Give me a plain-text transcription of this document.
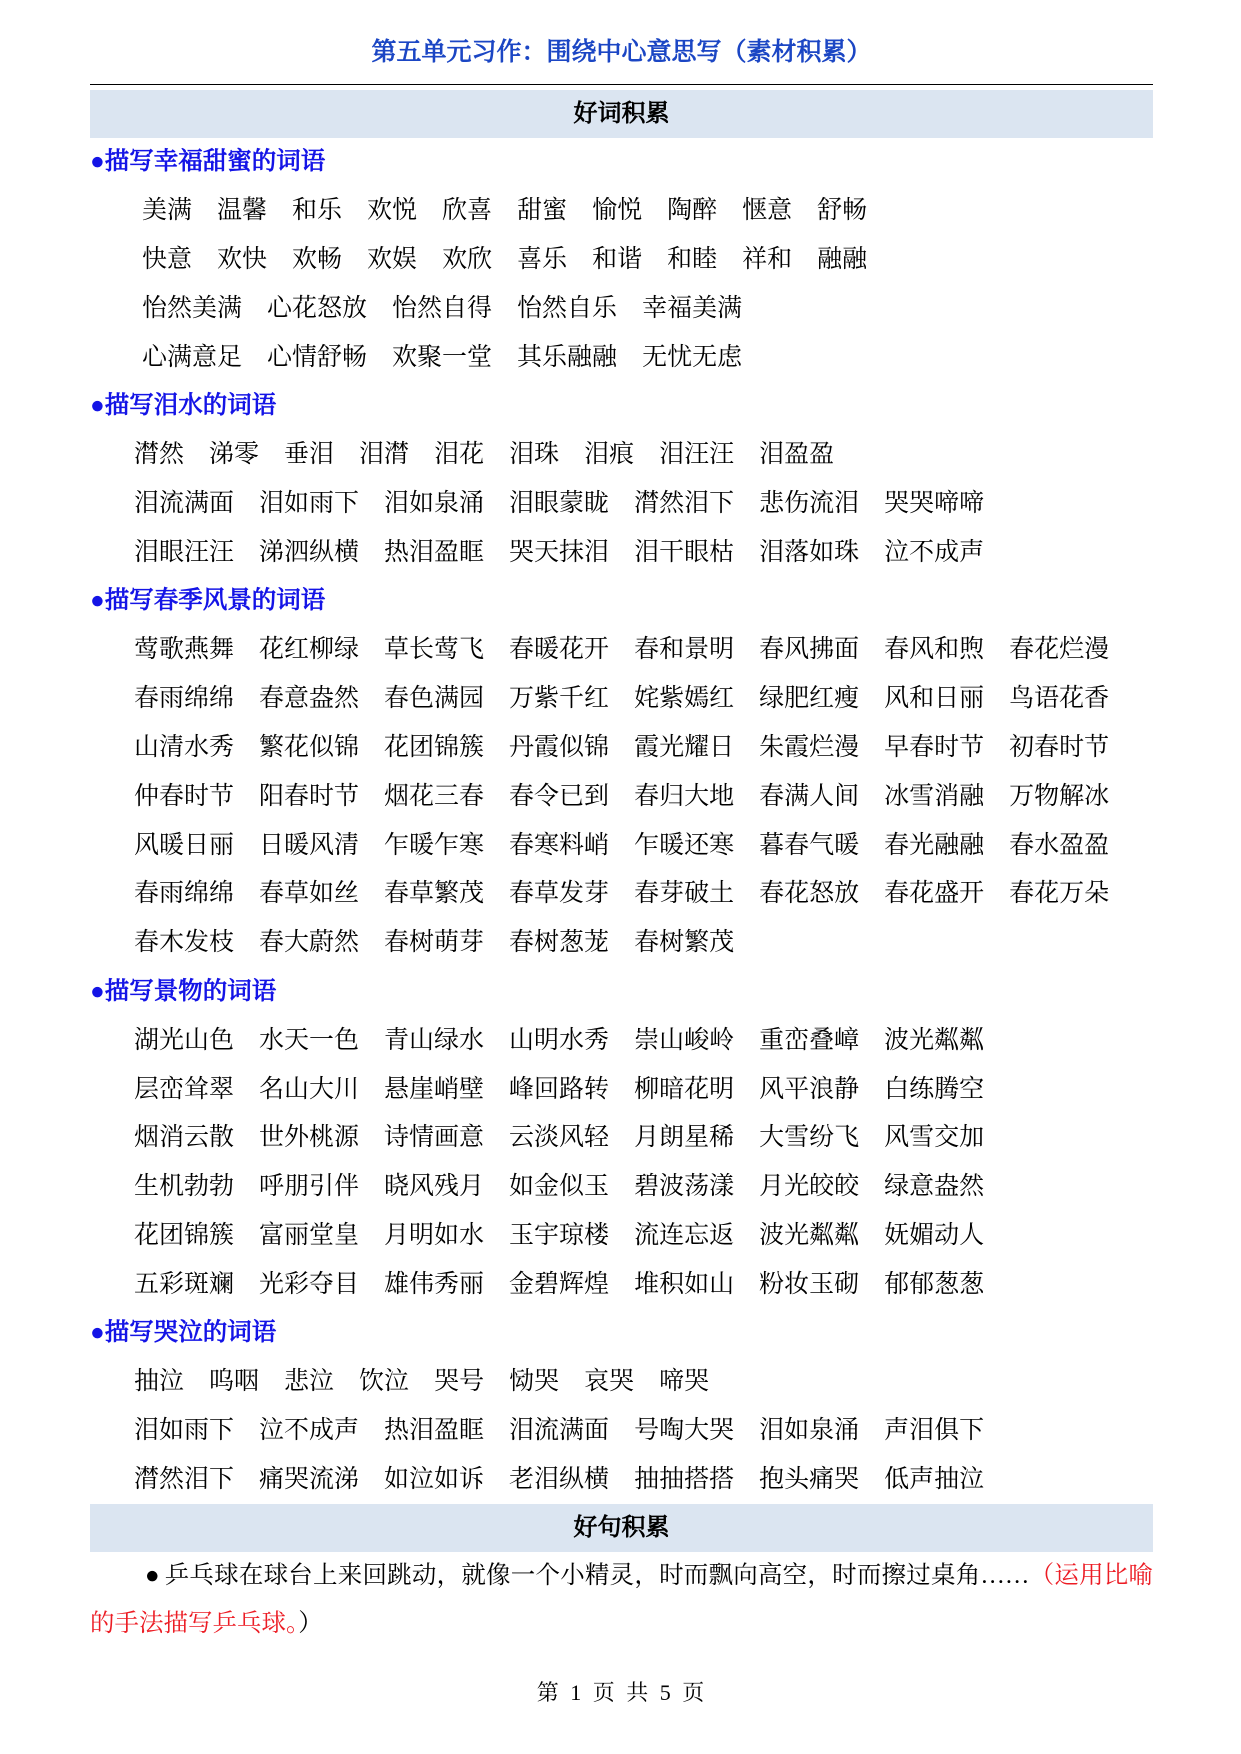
第五单元习作：围绕中心意思写（素材积累）
好词积累
●描写幸福甜蜜的词语
美满 温馨 和乐 欢悦 欣喜 甜蜜 愉悦 陶醉 惬意 舒畅
快意 欢快 欢畅 欢娱 欢欣 喜乐 和谐 和睦 祥和 融融
怡然美满 心花怒放 怡然自得 怡然自乐 幸福美满
心满意足 心情舒畅 欢聚一堂 其乐融融 无忧无虑
●描写泪水的词语
潸然 涕零 垂泪 泪潸 泪花 泪珠 泪痕 泪汪汪 泪盈盈
泪流满面 泪如雨下 泪如泉涌 泪眼蒙眬 潸然泪下 悲伤流泪 哭哭啼啼
泪眼汪汪 涕泗纵横 热泪盈眶 哭天抹泪 泪干眼枯 泪落如珠 泣不成声
●描写春季风景的词语
莺歌燕舞 花红柳绿 草长莺飞 春暖花开 春和景明 春风拂面 春风和煦 春花烂漫
春雨绵绵 春意盎然 春色满园 万紫千红 姹紫嫣红 绿肥红瘦 风和日丽 鸟语花香
山清水秀 繁花似锦 花团锦簇 丹霞似锦 霞光耀日 朱霞烂漫 早春时节 初春时节
仲春时节 阳春时节 烟花三春 春令已到 春归大地 春满人间 冰雪消融 万物解冰
风暖日丽 日暖风清 乍暖乍寒 春寒料峭 乍暖还寒 暮春气暖 春光融融 春水盈盈
春雨绵绵 春草如丝 春草繁茂 春草发芽 春芽破土 春花怒放 春花盛开 春花万朵
春木发枝 春大蔚然 春树萌芽 春树葱茏 春树繁茂
●描写景物的词语
湖光山色 水天一色 青山绿水 山明水秀 崇山峻岭 重峦叠嶂 波光粼粼
层峦耸翠 名山大川 悬崖峭壁 峰回路转 柳暗花明 风平浪静 白练腾空
烟消云散 世外桃源 诗情画意 云淡风轻 月朗星稀 大雪纷飞 风雪交加
生机勃勃 呼朋引伴 晓风残月 如金似玉 碧波荡漾 月光皎皎 绿意盎然
花团锦簇 富丽堂皇 月明如水 玉宇琼楼 流连忘返 波光粼粼 妩媚动人
五彩斑斓 光彩夺目 雄伟秀丽 金碧辉煌 堆积如山 粉妆玉砌 郁郁葱葱
●描写哭泣的词语
抽泣 呜咽 悲泣 饮泣 哭号 恸哭 哀哭 啼哭
泪如雨下 泣不成声 热泪盈眶 泪流满面 号啕大哭 泪如泉涌 声泪俱下
潸然泪下 痛哭流涕 如泣如诉 老泪纵横 抽抽搭搭 抱头痛哭 低声抽泣
好句积累

● 乒乓球在球台上来回跳动，就像一个小精灵，时而飘向高空，时而擦过桌角……（运用比喻的手法描写乒乓球。）

第 1 页 共 5 页
